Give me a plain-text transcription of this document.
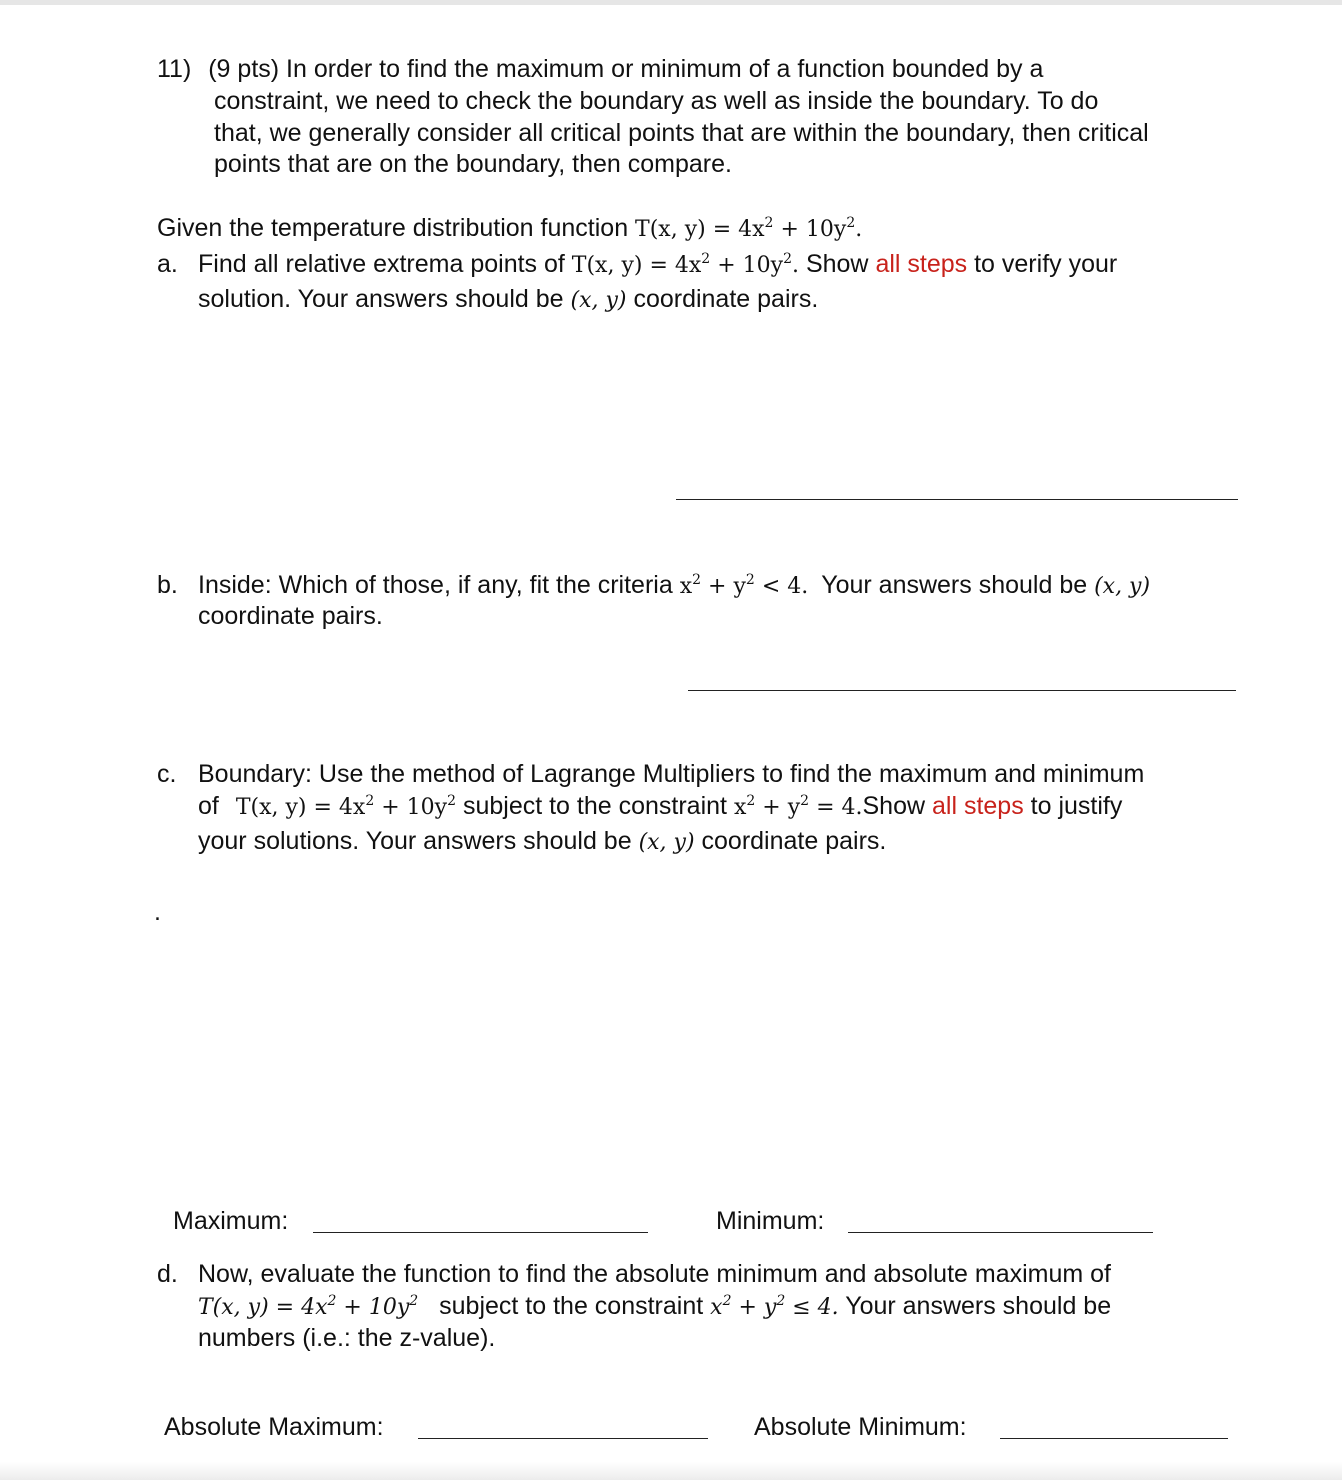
11) (9 pts) In order to find the maximum or minimum of a function bounded by a
constraint, we need to check the boundary as well as inside the boundary. To do
that, we generally consider all critical points that are within the boundary, then critical
points that are on the boundary, then compare.
Given the temperature distribution function T(x, $y) = 4x^2 + 10y^2$.
a. Find all relative extrema points of T(x, $y) = 4x^2 + 10y^2$. Show all steps to verify your
solution. Your answers should be (x, y) coordinate pairs.
b. Inside: Which of those, if any, fit the criteria $x^2 + y^2 < 4$. Your answers should be (x, y)
coordinate pairs.
c. Boundary: Use the method of Lagrange Multipliers to find the maximum and minimum
of T(x, $y) = 4x^2 + 10y^2$ subject to the constraint $x^2 + y^2$ = 4.Show all steps to justify
your solutions. Your answers should be (x, y) coordinate pairs.
.
Maximum:	Minimum:
d. Now, evaluate the function to find the absolute minimum and absolute maximum of
T(x, $y) = 4x^2 + 10y^2$ subject to the constraint $x^2 + y^2 \le 4$. Your answers should be
numbers (i.e.: the z-value).
Absolute Maximum:	Absolute Minimum:
